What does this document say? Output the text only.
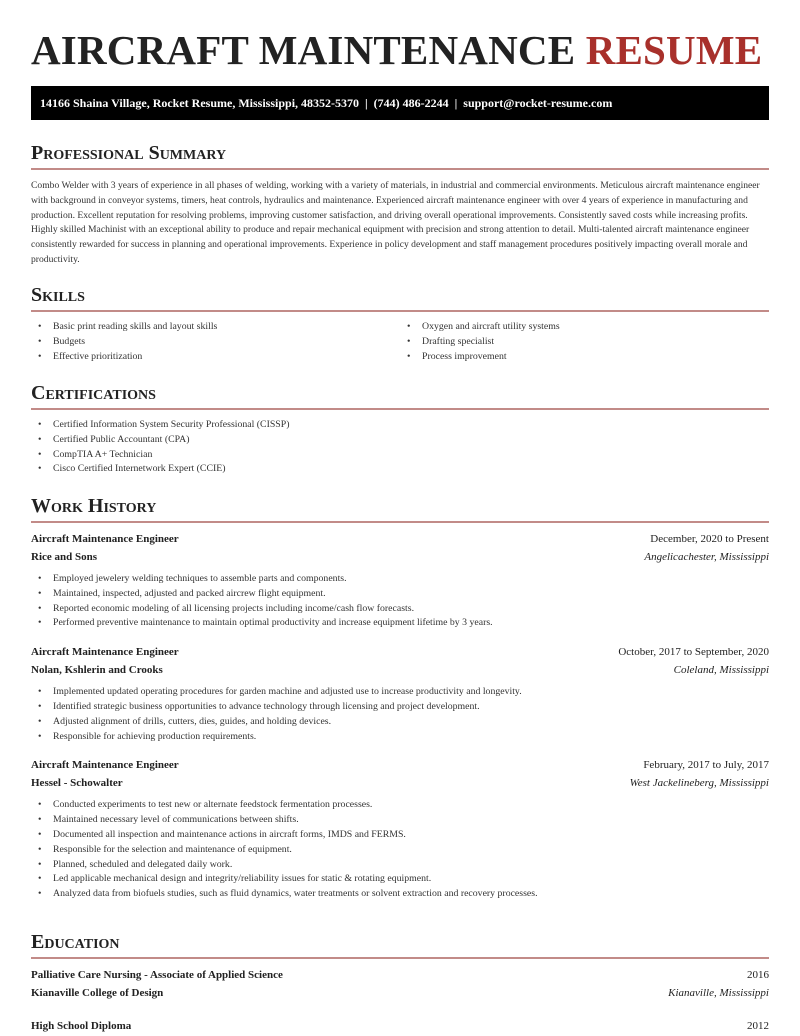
AIRCRAFT MAINTENANCE RESUME
14166 Shaina Village, Rocket Resume, Mississippi, 48352-5370  |  (744) 486-2244  |  support@rocket-resume.com
Professional Summary

Combo Welder with 3 years of experience in all phases of welding, working with a variety of materials, in industrial and commercial environments. Meticulous aircraft maintenance engineer with background in conveyor systems, timers, heat controls, hydraulics and maintenance. Experienced aircraft maintenance engineer with over 4 years of experience in manufacturing and production. Excellent reputation for resolving problems, improving customer satisfaction, and driving overall operational improvements. Consistently saved costs while increasing profits. Highly skilled Machinist with an exceptional ability to produce and repair mechanical equipment with precision and strong attention to detail. Multi-talented aircraft maintenance engineer consistently rewarded for success in planning and operational improvements. Experience in policy development and staff management procedures positively impacting overall morale and productivity.

Skills
• Basic print reading skills and layout skills
• Budgets
• Effective prioritization
• Oxygen and aircraft utility systems
• Drafting specialist
• Process improvement
Certifications
• Certified Information System Security Professional (CISSP)
• Certified Public Accountant (CPA)
• CompTIA A+ Technician
• Cisco Certified Internetwork Expert (CCIE)
Work History
Aircraft Maintenance Engineer	December, 2020 to Present
Rice and Sons	Angelicachester, Mississippi
• Employed jewelery welding techniques to assemble parts and components.
• Maintained, inspected, adjusted and packed aircrew flight equipment.
• Reported economic modeling of all licensing projects including income/cash flow forecasts.
• Performed preventive maintenance to maintain optimal productivity and increase equipment lifetime by 3 years.
Aircraft Maintenance Engineer	October, 2017 to September, 2020
Nolan, Kshlerin and Crooks	Coleland, Mississippi
• Implemented updated operating procedures for garden machine and adjusted use to increase productivity and longevity.
• Identified strategic business opportunities to advance technology through licensing and project development.
• Adjusted alignment of drills, cutters, dies, guides, and holding devices.
• Responsible for achieving production requirements.
Aircraft Maintenance Engineer	February, 2017 to July, 2017
Hessel - Schowalter	West Jackelineberg, Mississippi
• Conducted experiments to test new or alternate feedstock fermentation processes.
• Maintained necessary level of communications between shifts.
• Documented all inspection and maintenance actions in aircraft forms, IMDS and FERMS.
• Responsible for the selection and maintenance of equipment.
• Planned, scheduled and delegated daily work.
• Led applicable mechanical design and integrity/reliability issues for static & rotating equipment.
• Analyzed data from biofuels studies, such as fluid dynamics, water treatments or solvent extraction and recovery processes.
Education
Palliative Care Nursing - Associate of Applied Science	2016
Kianaville College of Design	Kianaville, Mississippi
High School Diploma	2012
